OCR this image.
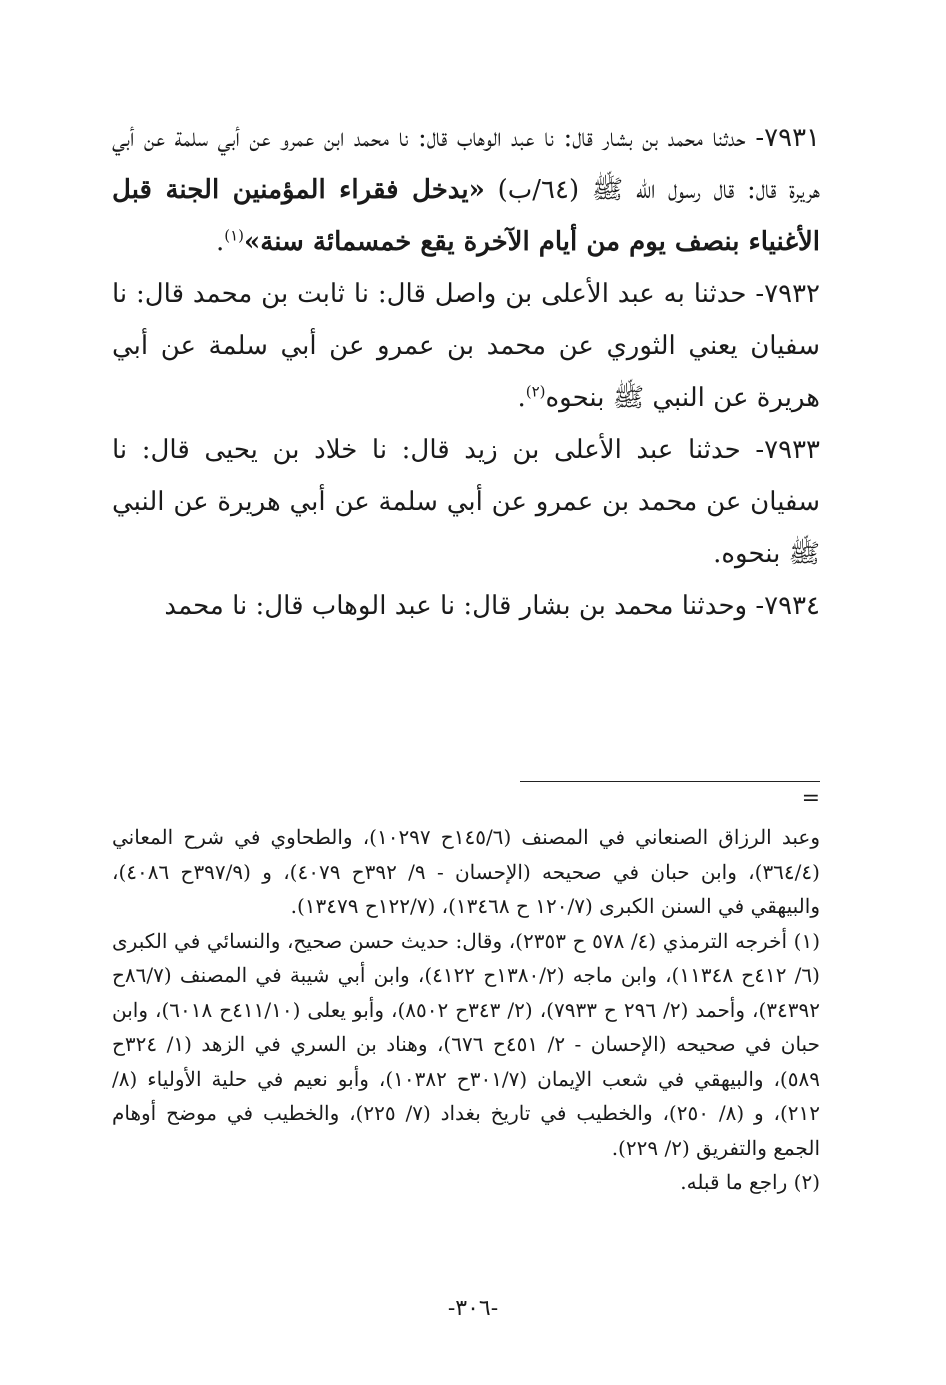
٧٩٣١- حدثنا محمد بن بشار قال: نا عبد الوهاب قال: نا محمد ابن عمرو عن أبي سلمة عن أبي هريرة قال: قال رسول الله ﷺ (٦٤/ب) «يدخل فقراء المؤمنين الجنة قبل الأغنياء بنصف يوم من أيام الآخرة يقع خمسمائة سنة»$^{(١)}$.

٧٩٣٢- حدثنا به عبد الأعلى بن واصل قال: نا ثابت بن محمد قال: نا سفيان يعني الثوري عن محمد بن عمرو عن أبي سلمة عن أبي هريرة عن النبي ﷺ بنحوه$^{(٢)}$.

٧٩٣٣- حدثنا عبد الأعلى بن زيد قال: نا خلاد بن يحيى قال: نا سفيان عن محمد بن عمرو عن أبي سلمة عن أبي هريرة عن النبي ﷺ بنحوه.

٧٩٣٤- وحدثنا محمد بن بشار قال: نا عبد الوهاب قال: نا محمد

=

وعبد الرزاق الصنعاني في المصنف (١٤٥/٦ح ١٠٢٩٧)، والطحاوي في شرح المعاني (٣٦٤/٤)، وابن حبان في صحيحه (الإحسان - ٩/ ٣٩٢ح ٤٠٧٩)، و (٣٩٧/٩ح ٤٠٨٦)، والبيهقي في السنن الكبرى (١٢٠/٧ ح ١٣٤٦٨)، (١٢٢/٧ح ١٣٤٧٩).

(١) أخرجه الترمذي (٤/ ٥٧٨ ح ٢٣٥٣)، وقال: حديث حسن صحيح، والنسائي في الكبرى (٦/ ٤١٢ح ١١٣٤٨)، وابن ماجه (١٣٨٠/٢ح ٤١٢٢)، وابن أبي شيبة في المصنف (٨٦/٧ح ٣٤٣٩٢)، وأحمد (٢/ ٢٩٦ ح ٧٩٣٣)، (٢/ ٣٤٣ح ٨٥٠٢)، وأبو يعلى (٤١١/١٠ح ٦٠١٨)، وابن حبان في صحيحه (الإحسان - ٢/ ٤٥١ح ٦٧٦)، وهناد بن السري في الزهد (١/ ٣٢٤ح ٥٨٩)، والبيهقي في شعب الإيمان (٣٠١/٧ح ١٠٣٨٢)، وأبو نعيم في حلية الأولياء (٨/ ٢١٢)، و (٨/ ٢٥٠)، والخطيب في تاريخ بغداد (٧/ ٢٢٥)، والخطيب في موضح أوهام الجمع والتفريق (٢/ ٢٢٩).

(٢) راجع ما قبله.

-٣٠٦-
